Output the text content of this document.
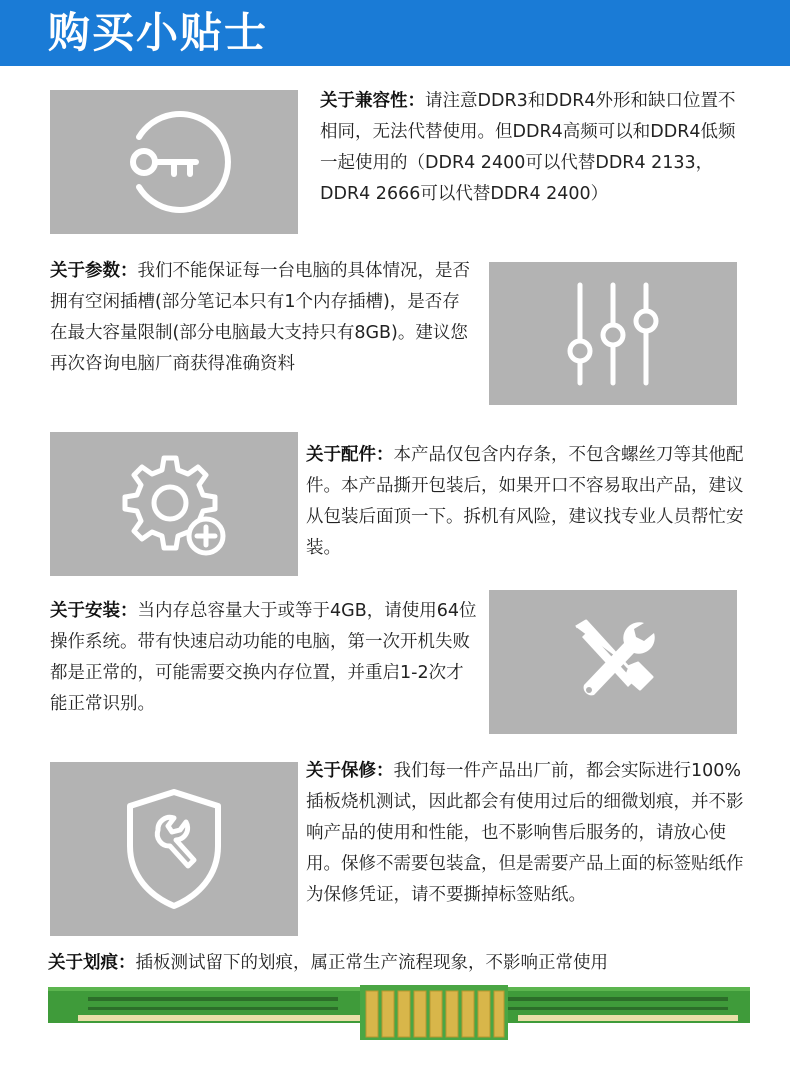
购买小贴士
关于兼容性：请注意DDR3和DDR4外形和缺口位置不相同，无法代替使用。但DDR4高频可以和DDR4低频一起使用的（DDR4 2400可以代替DDR4 2133，DDR4 2666可以代替DDR4 2400）
关于参数：我们不能保证每一台电脑的具体情况，是否拥有空闲插槽(部分笔记本只有1个内存插槽)，是否存在最大容量限制(部分电脑最大支持只有8GB)。建议您再次咨询电脑厂商获得准确资料
关于配件：本产品仅包含内存条，不包含螺丝刀等其他配件。本产品撕开包装后，如果开口不容易取出产品，建议从包装后面顶一下。拆机有风险，建议找专业人员帮忙安装。
关于安装：当内存总容量大于或等于4GB，请使用64位操作系统。带有快速启动功能的电脑，第一次开机失败都是正常的，可能需要交换内存位置，并重启1-2次才能正常识别。
关于保修：我们每一件产品出厂前，都会实际进行100%插板烧机测试，因此都会有使用过后的细微划痕，并不影响产品的使用和性能，也不影响售后服务的，请放心使用。保修不需要包装盒，但是需要产品上面的标签贴纸作为保修凭证，请不要撕掉标签贴纸。
关于划痕：插板测试留下的划痕，属正常生产流程现象，不影响正常使用
